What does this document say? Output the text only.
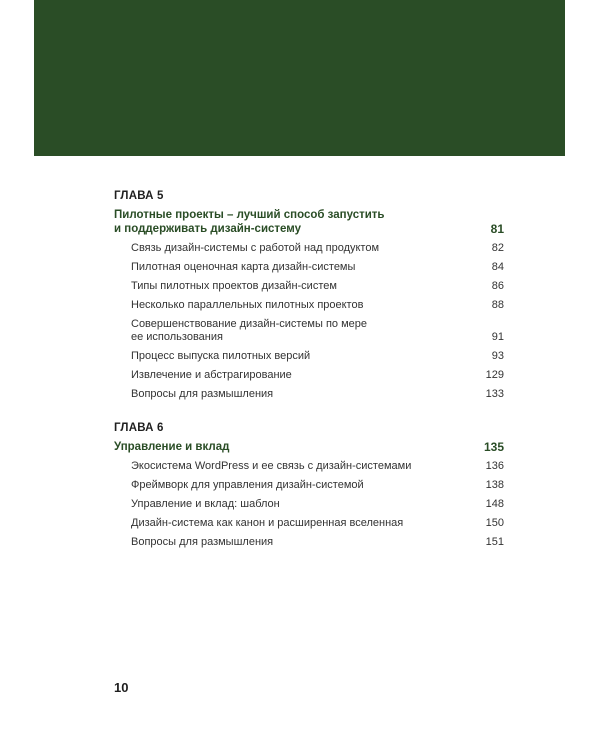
ГЛАВА 5
Пилотные проекты – лучший способ запустить
и поддерживать дизайн-систему	81
Связь дизайн-системы с работой над продуктом	82
Пилотная оценочная карта дизайн-системы	84
Типы пилотных проектов дизайн-систем	86
Несколько параллельных пилотных проектов	88
Совершенствование дизайн-системы по мере
ее использования	91
Процесс выпуска пилотных версий	93
Извлечение и абстрагирование	129
Вопросы для размышления	133
ГЛАВА 6
Управление и вклад	135
Экосистема WordPress и ее связь с дизайн-системами	136
Фреймворк для управления дизайн-системой	138
Управление и вклад: шаблон	148
Дизайн-система как канон и расширенная вселенная	150
Вопросы для размышления	151
10
